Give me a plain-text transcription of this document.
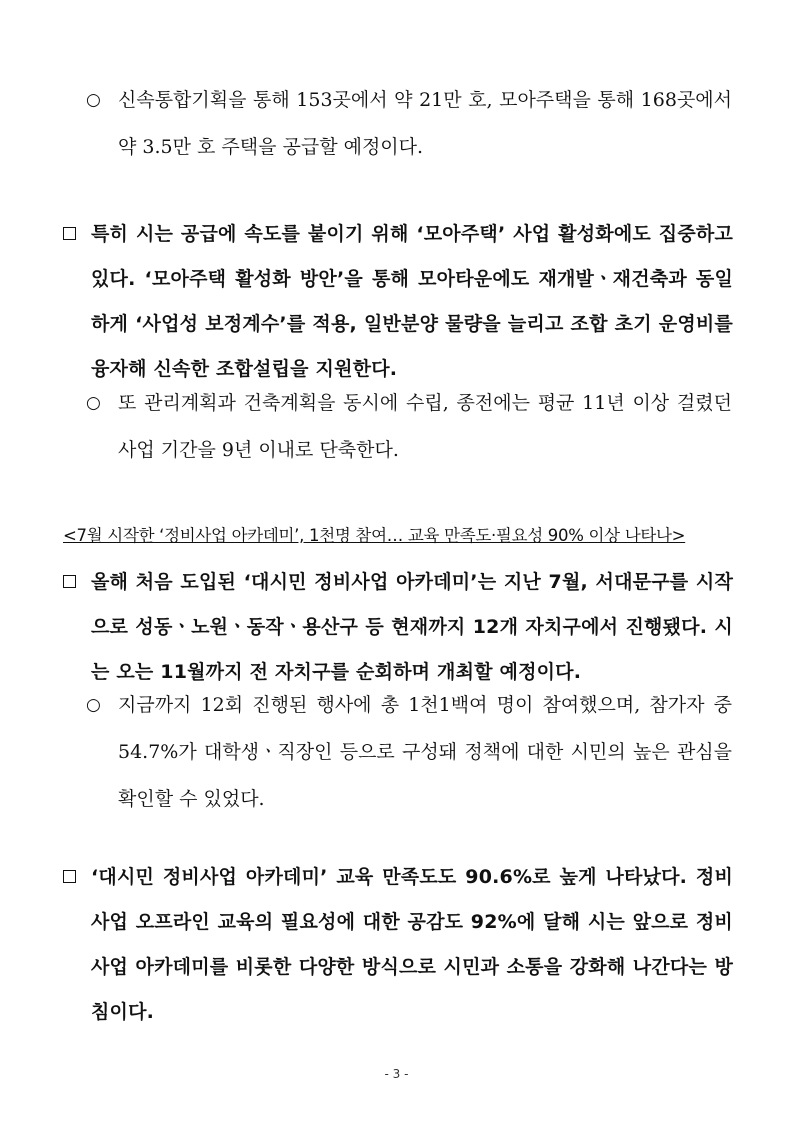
○ 신속통합기획을 통해 153곳에서 약 21만 호, 모아주택을 통해 168곳에서 약 3.5만 호 주택을 공급할 예정이다.
특히 시는 공급에 속도를 붙이기 위해 ‘모아주택’ 사업 활성화에도 집중하고 있다. ‘모아주택 활성화 방안’을 통해 모아타운에도 재개발ㆍ재건축과 동일하게 ‘사업성 보정계수’를 적용, 일반분양 물량을 늘리고 조합 초기 운영비를 융자해 신속한 조합설립을 지원한다.
○ 또 관리계획과 건축계획을 동시에 수립, 종전에는 평균 11년 이상 걸렸던 사업 기간을 9년 이내로 단축한다.
<7월 시작한 ‘정비사업 아카데미’, 1천명 참여… 교육 만족도·필요성 90% 이상 나타나>
올해 처음 도입된 ‘대시민 정비사업 아카데미’는 지난 7월, 서대문구를 시작으로 성동ㆍ노원ㆍ동작ㆍ용산구 등 현재까지 12개 자치구에서 진행됐다. 시는 오는 11월까지 전 자치구를 순회하며 개최할 예정이다.
○ 지금까지 12회 진행된 행사에 총 1천1백여 명이 참여했으며, 참가자 중 54.7%가 대학생ㆍ직장인 등으로 구성돼 정책에 대한 시민의 높은 관심을 확인할 수 있었다.
‘대시민 정비사업 아카데미’ 교육 만족도도 90.6%로 높게 나타났다. 정비사업 오프라인 교육의 필요성에 대한 공감도 92%에 달해 시는 앞으로 정비사업 아카데미를 비롯한 다양한 방식으로 시민과 소통을 강화해 나간다는 방침이다.
- 3 -
